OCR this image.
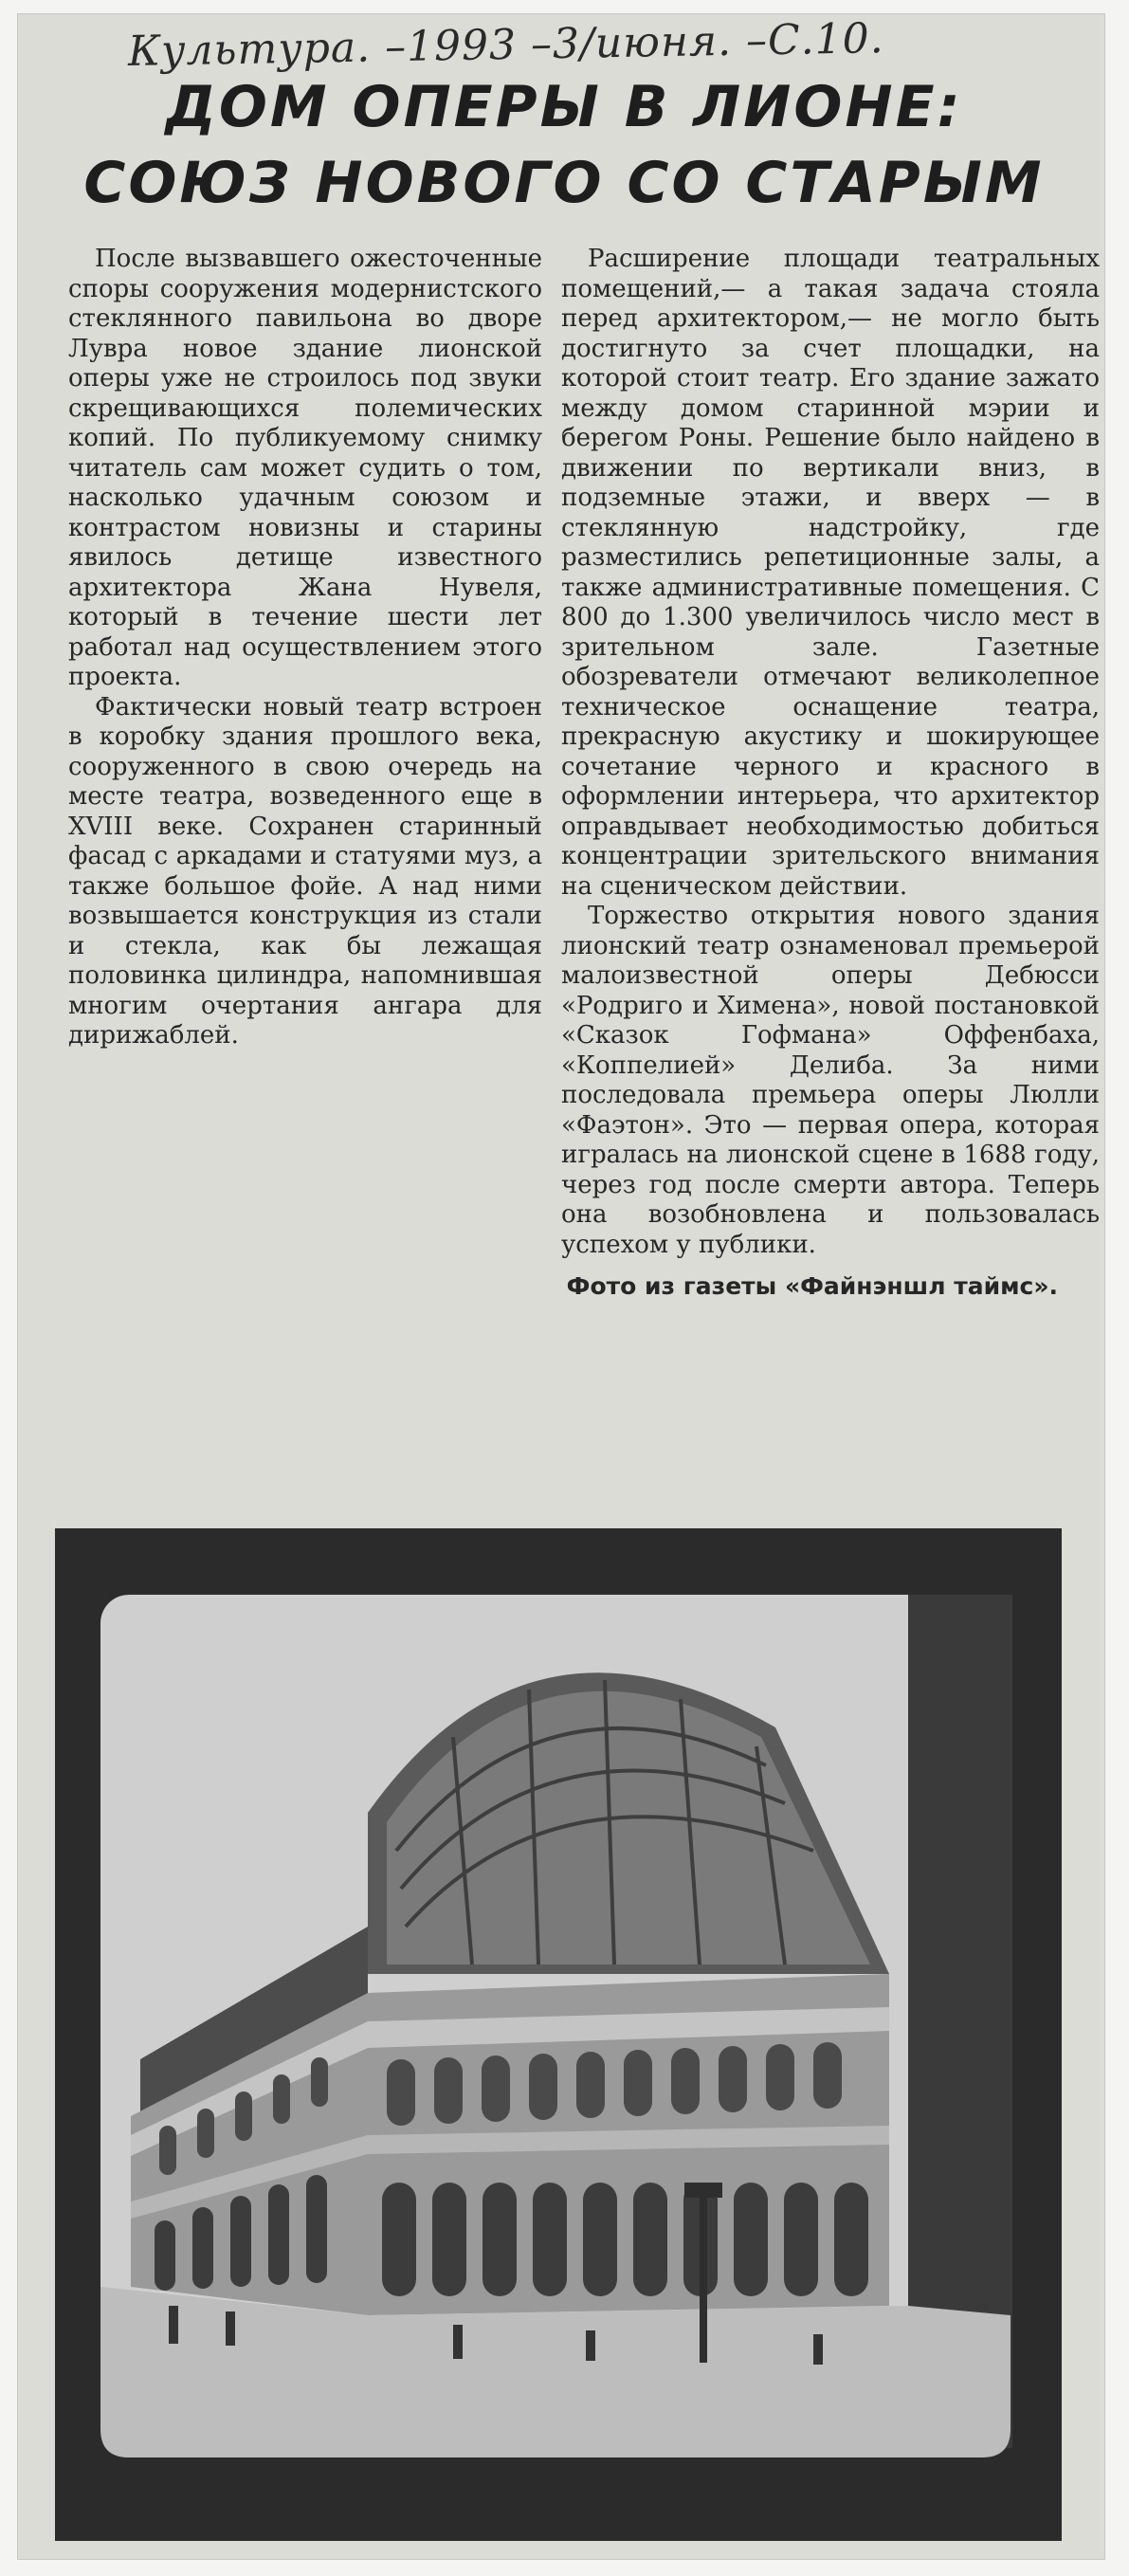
Культура. –1993 –3/июня. –С.10.
ДОМ ОПЕРЫ В ЛИОНЕ:
СОЮЗ НОВОГО СО СТАРЫМ

После вызвавшего ожесточенные споры сооружения модернистского стеклянного павильона во дворе Лувра новое здание лионской оперы уже не строилось под звуки скрещивающихся полемических копий. По публикуемому снимку читатель сам может судить о том, насколько удачным союзом и контрастом новизны и старины явилось детище известного архитектора Жана Нувеля, который в течение шести лет работал над осуществлением этого проекта.

Фактически новый театр встроен в коробку здания прошлого века, сооруженного в свою очередь на месте театра, возведенного еще в XVIII веке. Сохранен старинный фасад с аркадами и статуями муз, а также большое фойе. А над ними возвышается конструкция из стали и стекла, как бы лежащая половинка цилиндра, напомнившая многим очертания ангара для дирижаблей.

Расширение площади театральных помещений,— а такая задача стояла перед архитектором,— не могло быть достигнуто за счет площадки, на которой стоит театр. Его здание зажато между домом старинной мэрии и берегом Роны. Решение было найдено в движении по вертикали вниз, в подземные этажи, и вверх — в стеклянную надстройку, где разместились репетиционные залы, а также административные помещения. С 800 до 1.300 увеличилось число мест в зрительном зале. Газетные обозреватели отмечают великолепное техническое оснащение театра, прекрасную акустику и шокирующее сочетание черного и красного в оформлении интерьера, что архитектор оправдывает необходимостью добиться концентрации зрительского внимания на сценическом действии.

Торжество открытия нового здания лионский театр ознаменовал премьерой малоизвестной оперы Дебюсси «Родриго и Химена», новой постановкой «Сказок Гофмана» Оффенбаха, «Коппелией» Делиба. За ними последовала премьера оперы Люлли «Фаэтон». Это — первая опера, которая игралась на лионской сцене в 1688 году, через год после смерти автора. Теперь она возобновлена и пользовалась успехом у публики.

Фото из газеты «Файнэншл таймс».
